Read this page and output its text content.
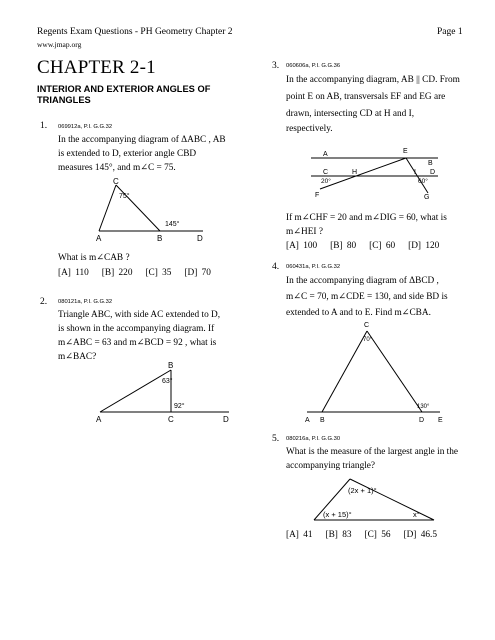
Regents Exam Questions - PH Geometry Chapter 2	Page 1
www.jmap.org
CHAPTER 2-1
INTERIOR AND EXTERIOR ANGLES OF TRIANGLES
1. 069912a, P.I. G.G.32
In the accompanying diagram of ΔABC , AB
is extended to D, exterior angle CBD
measures 145°, and m∠C = 75.
C
A	B	D
75°
145°
What is m∠CAB ?
[A] 110   [B] 220   [C] 35   [D] 70
2. 080121a, P.I. G.G.32
Triangle ABC, with side AC extended to D,
is shown in the accompanying diagram. If
m∠ABC = 63 and m∠BCD = 92 , what is
m∠BAC?
B
A	C	D
63°
92°
3. 060606a, P.I. G.G.36
In the accompanying diagram, AB || CD. From
point E on AB, transversals EF and EG are
drawn, intersecting CD at H and I,
respectively.
A	E
B
C	H	I D
F	G
20°	60°
If m∠CHF = 20 and m∠DIG = 60, what is
m∠HEI ?
[A] 100   [B] 80   [C] 60   [D] 120
4. 060431a, P.I. G.G.32
In the accompanying diagram of ΔBCD ,
m∠C = 70, m∠CDE = 130, and side BD is
extended to A and to E. Find m∠CBA.
C
70°
A B	D E
130°
5. 080216a, P.I. G.G.30
What is the measure of the largest angle in the
accompanying triangle?
(2x + 1)°
(x + 15)°	x°
[A] 41   [B] 83   [C] 56   [D] 46.5
